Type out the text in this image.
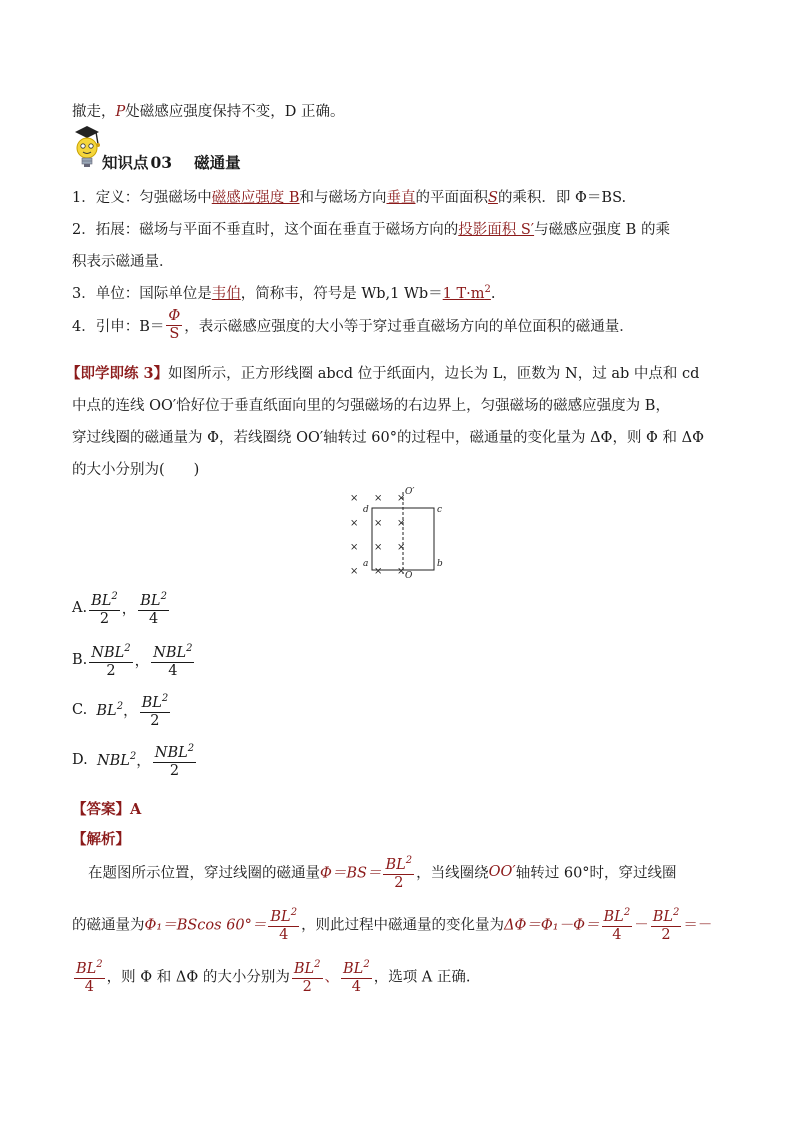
撤走，P处磁感应强度保持不变，D 正确。
知识点 03 磁通量
1．定义：匀强磁场中磁感应强度 B和与磁场方向垂直的平面面积S的乘积．即 Φ＝BS.
2．拓展：磁场与平面不垂直时，这个面在垂直于磁场方向的投影面积 S′与磁感应强度 B 的乘
积表示磁通量．
3．单位：国际单位是韦伯，简称韦，符号是 Wb,1 Wb＝1 $T\cdot m^2$.
4．引申：$B= \frac{\Phi}{S}$ ，表示磁感应强度的大小等于穿过垂直磁场方向的单位面积的磁通量．
【即学即练 3】如图所示，正方形线圈 abcd 位于纸面内，边长为 L，匝数为 N，过 ab 中点和 cd
中点的连线 OO′恰好位于垂直纸面向里的匀强磁场的右边界上，匀强磁场的磁感应强度为 B，
穿过线圈的磁通量为 Φ，若线圈绕 OO′轴转过 60°的过程中，磁通量的变化量为 ΔΦ，则 Φ 和 ΔΦ
的大小分别为(　　)
× × ×
× × ×
× × ×
× × ×
O′
d	c
a	b
O
A. $\frac{BL^2}{2}$ ， $\frac{BL^2}{4}$
B. $\frac{NBL^2}{2}$ ， $\frac{NBL^2}{4}$
C.  $BL^2$， $\frac{BL^2}{2}$
D.  NBL$^2$， $\frac{NBL^2}{2}$
【答案】A
【解析】
在题图所示位置，穿过线圈的磁通量$\Phi=BS= \frac{BL^2}{2}$ ，当线圈绕OO′轴转过 60°时，穿过线圈
的磁通量为Φ₁＝BScos $60^\circ= \frac{BL^2}{4}$ ，则此过程中磁通量的变化量为$\Delta\Phi=\Phi_1-\Phi= \frac{BL^2}{4} - \frac{BL^2}{2}$ ＝－
$\frac{BL^2}{4}$ ，则 Φ 和 ΔΦ 的大小分别为 $\frac{BL^2}{2}$ 、 $\frac{BL^2}{4}$ ，选项 A 正确.
